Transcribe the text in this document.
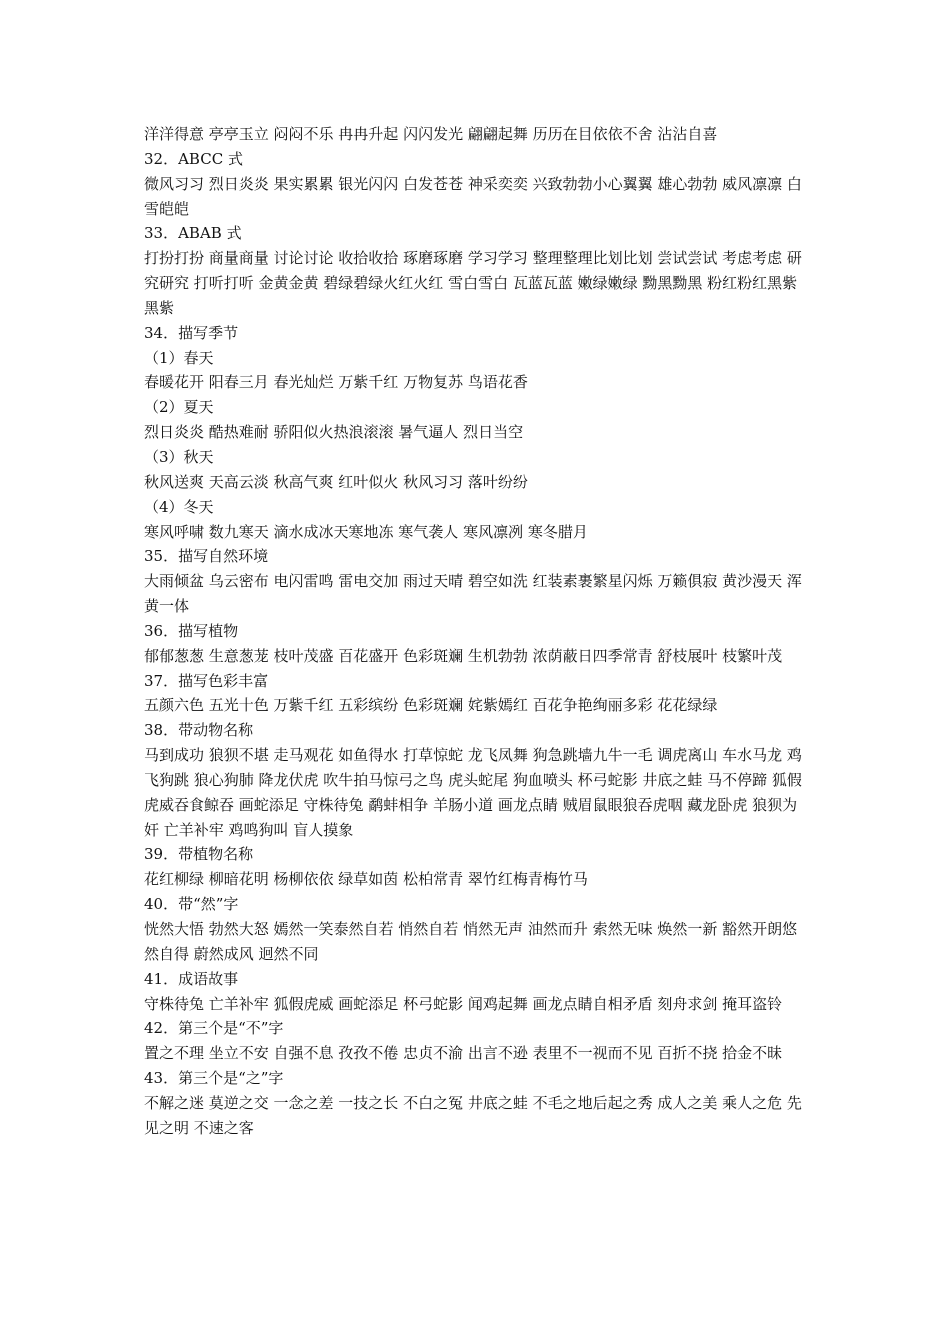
洋洋得意 亭亭玉立 闷闷不乐 冉冉升起 闪闪发光 翩翩起舞 历历在目依依不舍 沾沾自喜

32．ABCC 式

微风习习 烈日炎炎 果实累累 银光闪闪 白发苍苍 神采奕奕 兴致勃勃小心翼翼 雄心勃勃 威风凛凛 白雪皑皑

33．ABAB 式

打扮打扮 商量商量 讨论讨论 收拾收拾 琢磨琢磨 学习学习 整理整理比划比划 尝试尝试 考虑考虑 研究研究 打听打听 金黄金黄 碧绿碧绿火红火红 雪白雪白 瓦蓝瓦蓝 嫩绿嫩绿 黝黑黝黑 粉红粉红黑紫黑紫

34．描写季节

（1）春天

春暖花开 阳春三月 春光灿烂 万紫千红 万物复苏 鸟语花香

（2）夏天

烈日炎炎 酷热难耐 骄阳似火热浪滚滚 暑气逼人 烈日当空

（3）秋天

秋风送爽 天高云淡 秋高气爽 红叶似火 秋风习习 落叶纷纷

（4）冬天

寒风呼啸 数九寒天 滴水成冰天寒地冻 寒气袭人 寒风凛冽 寒冬腊月

35．描写自然环境

大雨倾盆 乌云密布 电闪雷鸣 雷电交加 雨过天晴 碧空如洗 红装素裹繁星闪烁 万籁俱寂 黄沙漫天 浑黄一体

36．描写植物

郁郁葱葱 生意葱茏 枝叶茂盛 百花盛开 色彩斑斓 生机勃勃 浓荫蔽日四季常青 舒枝展叶 枝繁叶茂

37．描写色彩丰富

五颜六色 五光十色 万紫千红 五彩缤纷 色彩斑斓 姹紫嫣红 百花争艳绚丽多彩 花花绿绿

38．带动物名称

马到成功 狼狈不堪 走马观花 如鱼得水 打草惊蛇 龙飞凤舞 狗急跳墙九牛一毛 调虎离山 车水马龙 鸡飞狗跳 狼心狗肺 降龙伏虎 吹牛拍马惊弓之鸟 虎头蛇尾 狗血喷头 杯弓蛇影 井底之蛙 马不停蹄 狐假虎威吞食鲸吞 画蛇添足 守株待兔 鹬蚌相争 羊肠小道 画龙点睛 贼眉鼠眼狼吞虎咽 藏龙卧虎 狼狈为奸 亡羊补牢 鸡鸣狗叫 盲人摸象

39．带植物名称

花红柳绿 柳暗花明 杨柳依依 绿草如茵 松柏常青 翠竹红梅青梅竹马

40．带“然”字

恍然大悟 勃然大怒 嫣然一笑泰然自若 悄然自若 悄然无声 油然而升 索然无味 焕然一新 豁然开朗悠然自得 蔚然成风 迥然不同

41．成语故事

守株待兔 亡羊补牢 狐假虎威 画蛇添足 杯弓蛇影 闻鸡起舞 画龙点睛自相矛盾 刻舟求剑 掩耳盗铃

42．第三个是“不”字

置之不理 坐立不安 自强不息 孜孜不倦 忠贞不渝 出言不逊 表里不一视而不见 百折不挠 拾金不昧

43．第三个是“之”字

不解之迷 莫逆之交 一念之差 一技之长 不白之冤 井底之蛙 不毛之地后起之秀 成人之美 乘人之危 先见之明 不速之客
